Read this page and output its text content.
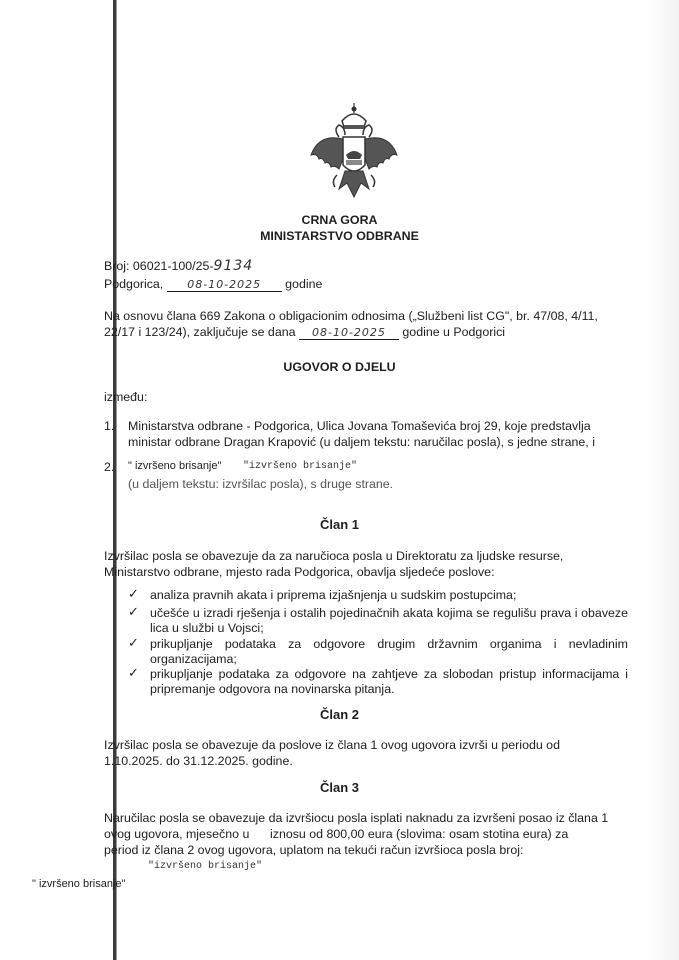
CRNA GORA
MINISTARSTVO ODBRANE
Broj: 06021-100/25-9134
Podgorica, 08-10-2025 godine
Na osnovu člana 669 Zakona o obligacionim odnosima („Službeni list CG", br. 47/08, 4/11,
22/17 i 123/24), zaključuje se dana 08-10-2025 godine u Podgorici
UGOVOR O DJELU
između:
1. Ministarstva odbrane - Podgorica, Ulica Jovana Tomaševića broj 29, koje predstavlja
ministar odbrane Dragan Krapović (u daljem tekstu: naručilac posla), s jedne strane, i
2. " izvršeno brisanje" "izvršeno brisanje"
(u daljem tekstu: izvršilac posla), s druge strane.
Član 1
Izvršilac posla se obavezuje da za naručioca posla u Direktoratu za ljudske resurse,
Ministarstvo odbrane, mjesto rada Podgorica, obavlja sljedeće poslove:
✓ analiza pravnih akata i priprema izjašnjenja u sudskim postupcima;
✓ učešće u izradi rješenja i ostalih pojedinačnih akata kojima se regulišu prava i obaveze lica u službi u Vojsci;
✓ prikupljanje podataka za odgovore drugim državnim organima i nevladinim organizacijama;
✓ prikupljanje podataka za odgovore na zahtjeve za slobodan pristup informacijama i pripremanje odgovora na novinarska pitanja.
Član 2
Izvršilac posla se obavezuje da poslove iz člana 1 ovog ugovora izvrši u periodu od
1.10.2025. do 31.12.2025. godine.
Član 3
Naručilac posla se obavezuje da izvršiocu posla isplati naknadu za izvršeni posao iz člana 1
ovog ugovora, mjesečno u      iznosu od 800,00 eura (slovima: osam stotina eura) za
period iz člana 2 ovog ugovora, uplatom na tekući račun izvršioca posla broj:
"izvršeno brisanje"
" izvršeno brisanje"
